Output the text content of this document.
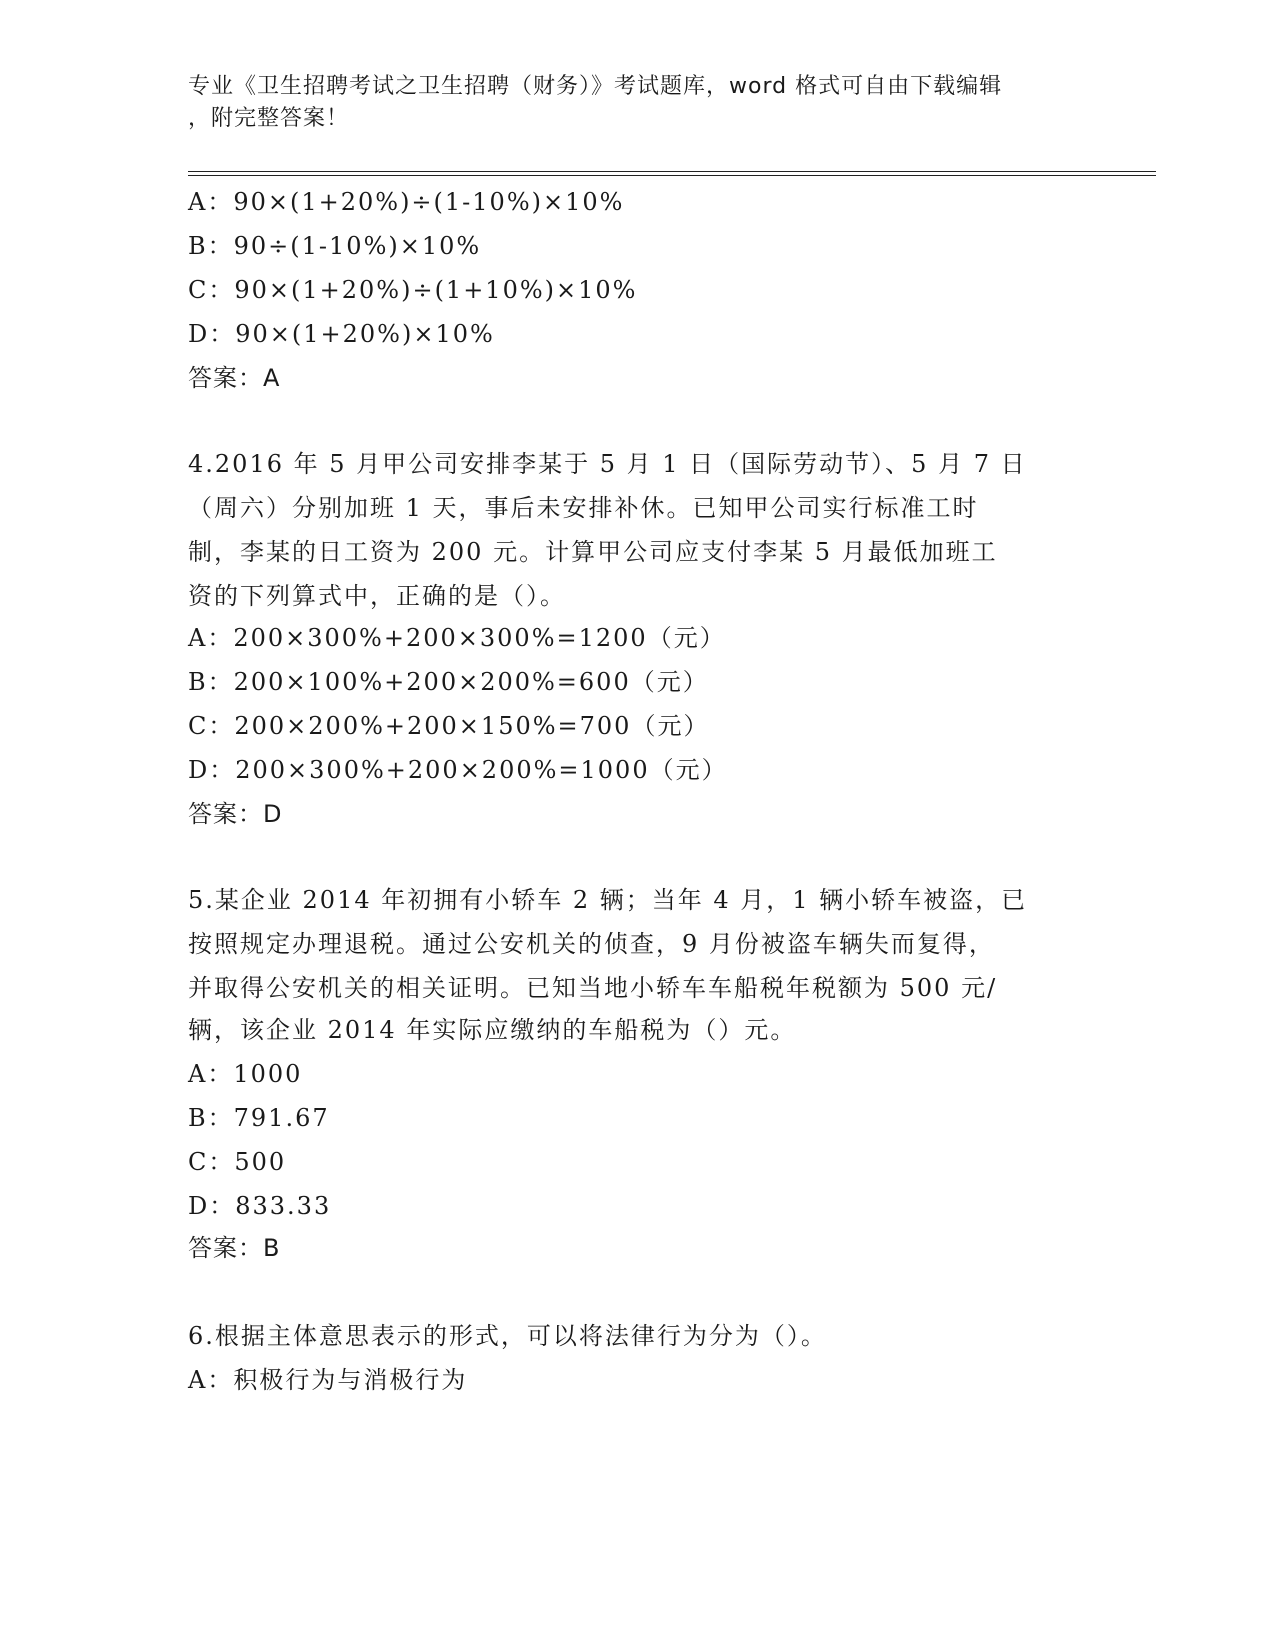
专业《卫生招聘考试之卫生招聘（财务）》考试题库，word 格式可自由下载编辑
，附完整答案！
A：90×(1+20%)÷(1-10%)×10%
B：90÷(1-10%)×10%
C：90×(1+20%)÷(1+10%)×10%
D：90×(1+20%)×10%
答案：A
4.2016 年 5 月甲公司安排李某于 5 月 1 日（国际劳动节）、5 月 7 日
（周六）分别加班 1 天，事后未安排补休。已知甲公司实行标准工时
制，李某的日工资为 200 元。计算甲公司应支付李某 5 月最低加班工
资的下列算式中，正确的是（）。
A：200×300%+200×300%=1200（元）
B：200×100%+200×200%=600（元）
C：200×200%+200×150%=700（元）
D：200×300%+200×200%=1000（元）
答案：D
5.某企业 2014 年初拥有小轿车 2 辆；当年 4 月，1 辆小轿车被盗，已
按照规定办理退税。通过公安机关的侦查，9 月份被盗车辆失而复得，
并取得公安机关的相关证明。已知当地小轿车车船税年税额为 500 元/
辆，该企业 2014 年实际应缴纳的车船税为（）元。
A：1000
B：791.67
C：500
D：833.33
答案：B
6.根据主体意思表示的形式，可以将法律行为分为（）。
A：积极行为与消极行为
